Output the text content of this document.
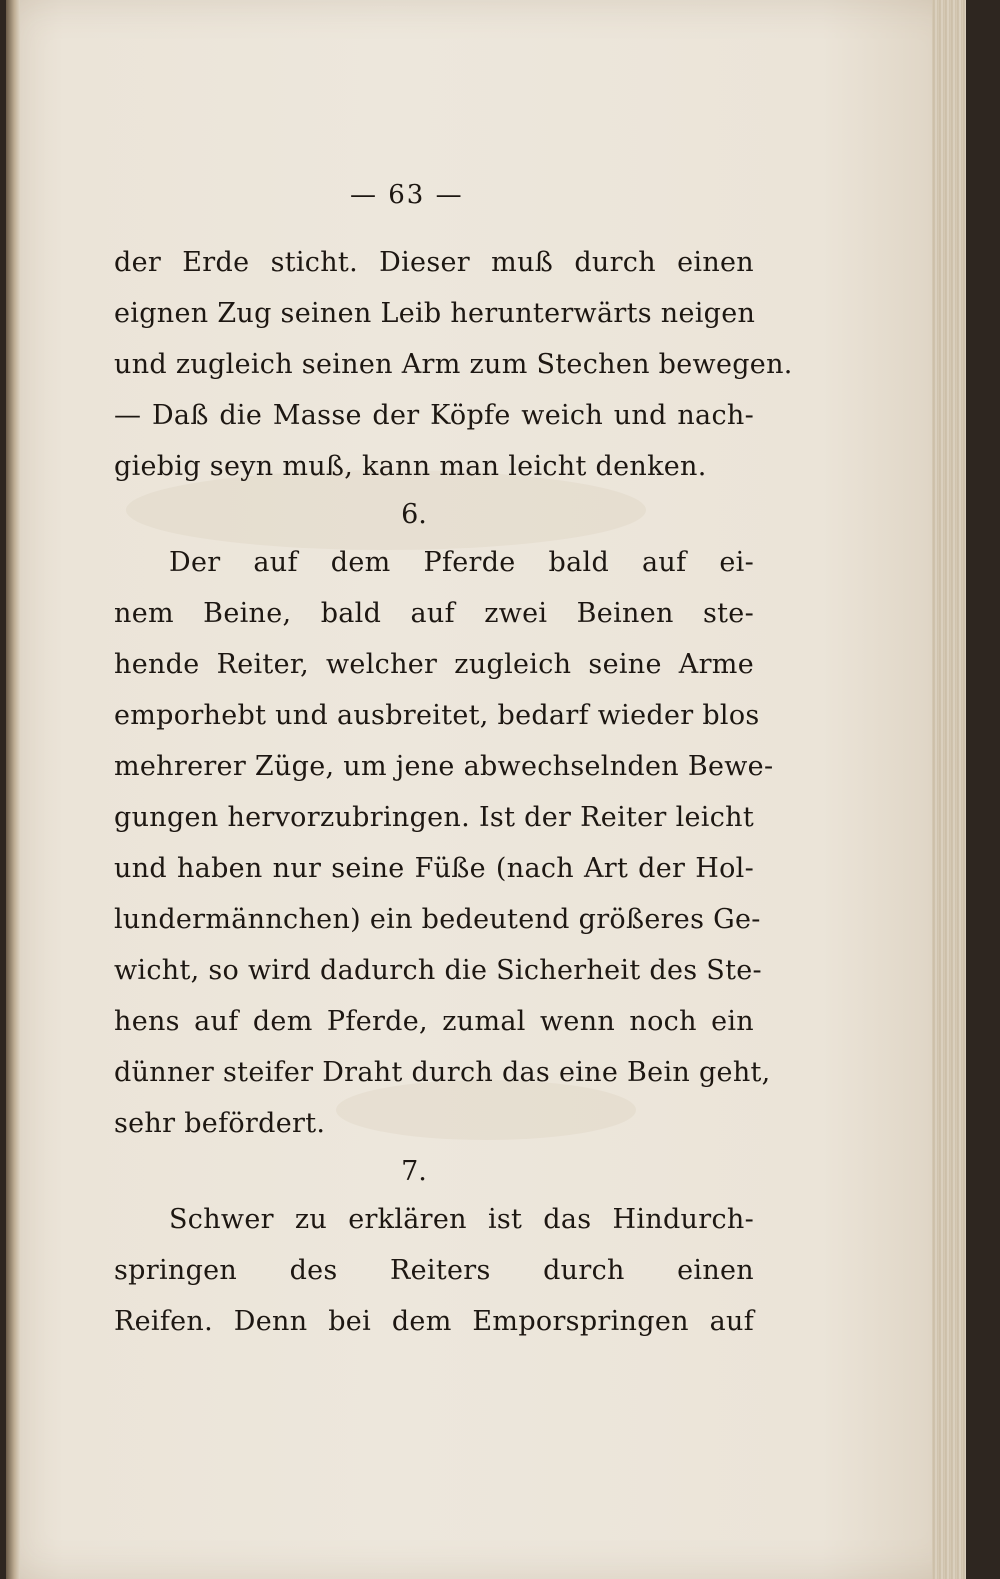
— 63 —
der Erde sticht. Dieser muß durch einen
eignen Zug seinen Leib herunterwärts neigen
und zugleich seinen Arm zum Stechen bewegen.
— Daß die Masse der Köpfe weich und nach-
giebig seyn muß, kann man leicht denken.
6.
Der auf dem Pferde bald auf ei-
nem Beine, bald auf zwei Beinen ste-
hende Reiter, welcher zugleich seine Arme
emporhebt und ausbreitet, bedarf wieder blos
mehrerer Züge, um jene abwechselnden Bewe-
gungen hervorzubringen. Ist der Reiter leicht
und haben nur seine Füße (nach Art der Hol-
lundermännchen) ein bedeutend größeres Ge-
wicht, so wird dadurch die Sicherheit des Ste-
hens auf dem Pferde, zumal wenn noch ein
dünner steifer Draht durch das eine Bein geht,
sehr befördert.
7.
Schwer zu erklären ist das Hindurch-
springen des Reiters durch einen
Reifen. Denn bei dem Emporspringen auf
